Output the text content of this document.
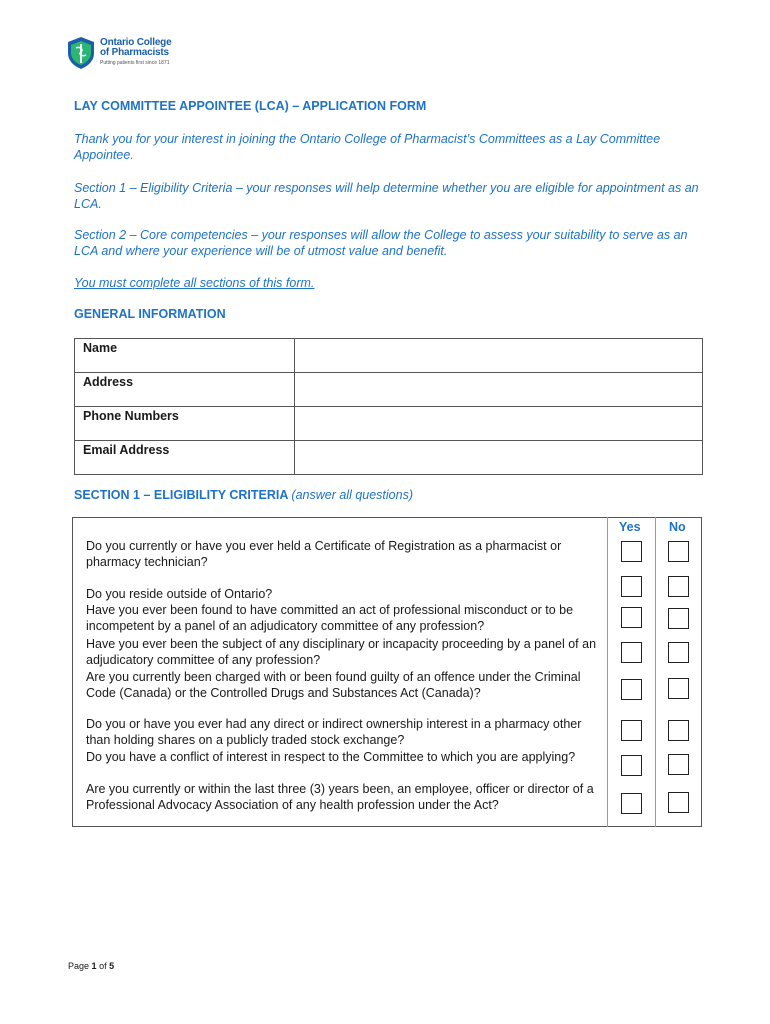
Ontario College
of Pharmacists
Putting patients first since 1871
LAY COMMITTEE APPOINTEE (LCA) – APPLICATION FORM
Thank you for your interest in joining the Ontario College of Pharmacist’s Committees as a Lay Committee Appointee.
Section 1 – Eligibility Criteria – your responses will help determine whether you are eligible for appointment as an LCA.
Section 2 – Core competencies – your responses will allow the College to assess your suitability to serve as an LCA and where your experience will be of utmost value and benefit.
You must complete all sections of this form.
GENERAL INFORMATION
Name	
Address	
Phone Numbers	
Email Address	
SECTION 1 – ELIGIBILITY CRITERIA (answer all questions)
Yes No
Do you currently or have you ever held a Certificate of Registration as a pharmacist or pharmacy technician?
Do you reside outside of Ontario?
Have you ever been found to have committed an act of professional misconduct or to be incompetent by a panel of an adjudicatory committee of any profession?
Have you ever been the subject of any disciplinary or incapacity proceeding by a panel of an adjudicatory committee of any profession?
Are you currently been charged with or been found guilty of an offence under the Criminal Code (Canada) or the Controlled Drugs and Substances Act (Canada)?
Do you or have you ever had any direct or indirect ownership interest in a pharmacy other than holding shares on a publicly traded stock exchange?
Do you have a conflict of interest in respect to the Committee to which you are applying?
Are you currently or within the last three (3) years been, an employee, officer or director of a Professional Advocacy Association of any health profession under the Act?
Page 1 of 5
